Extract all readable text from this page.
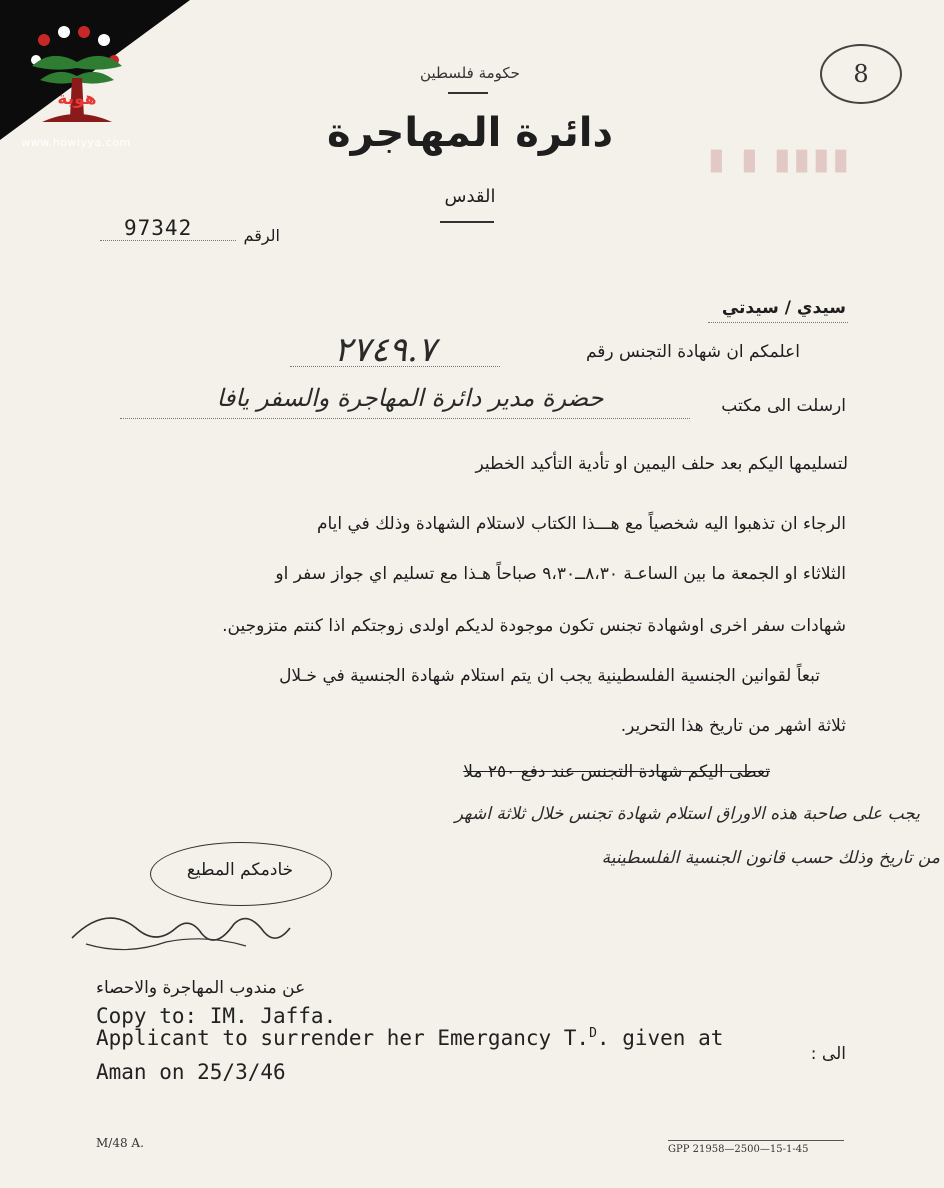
هوية
www.howiyya.com
8
▮ ▮ ▮▮▮▮
حكومة فلسطين
دائرة المهاجرة
القدس
الرقم
97342
سيدي / سيدتي
اعلمكم ان شهادة التجنس رقم
٢٧٤٩.٧
ارسلت الى مكتب
حضرة مدير دائرة المهاجرة والسفر يافا
لتسليمها اليكم بعد حلف اليمين او تأدية التأكيد الخطير
الرجاء ان تذهبوا اليه شخصياً مع هـــذا الكتاب لاستلام الشهادة وذلك في ايام
الثلاثاء او الجمعة ما بين الساعـة ٨،٣٠ــ٩،٣٠ صباحاً هـذا مع تسليم اي جواز سفر او
شهادات سفر اخرى اوشهادة تجنس تكون موجودة لديكم اولدى زوجتكم اذا كنتم متزوجين.
تبعاً لقوانين الجنسية الفلسطينية يجب ان يتم استلام شهادة الجنسية في خـلال
ثلاثة اشهر من تاريخ هذا التحرير.
تعطى اليكم شهادة التجنس عند دفع ٢٥٠ ملا
يجب على صاحبة هذه الاوراق استلام شهادة تجنس خلال ثلاثة اشهر
من تاريخ وذلك حسب قانون الجنسية الفلسطينية
خادمكم المطيع
عن مندوب المهاجرة والاحصاء
Copy to: IM. Jaffa.
Applicant to surrender her Emergancy T.$^D$. given at
الى :
Aman on 25/3/46
M/48 A.	GPP 21958—2500—15-1-45
